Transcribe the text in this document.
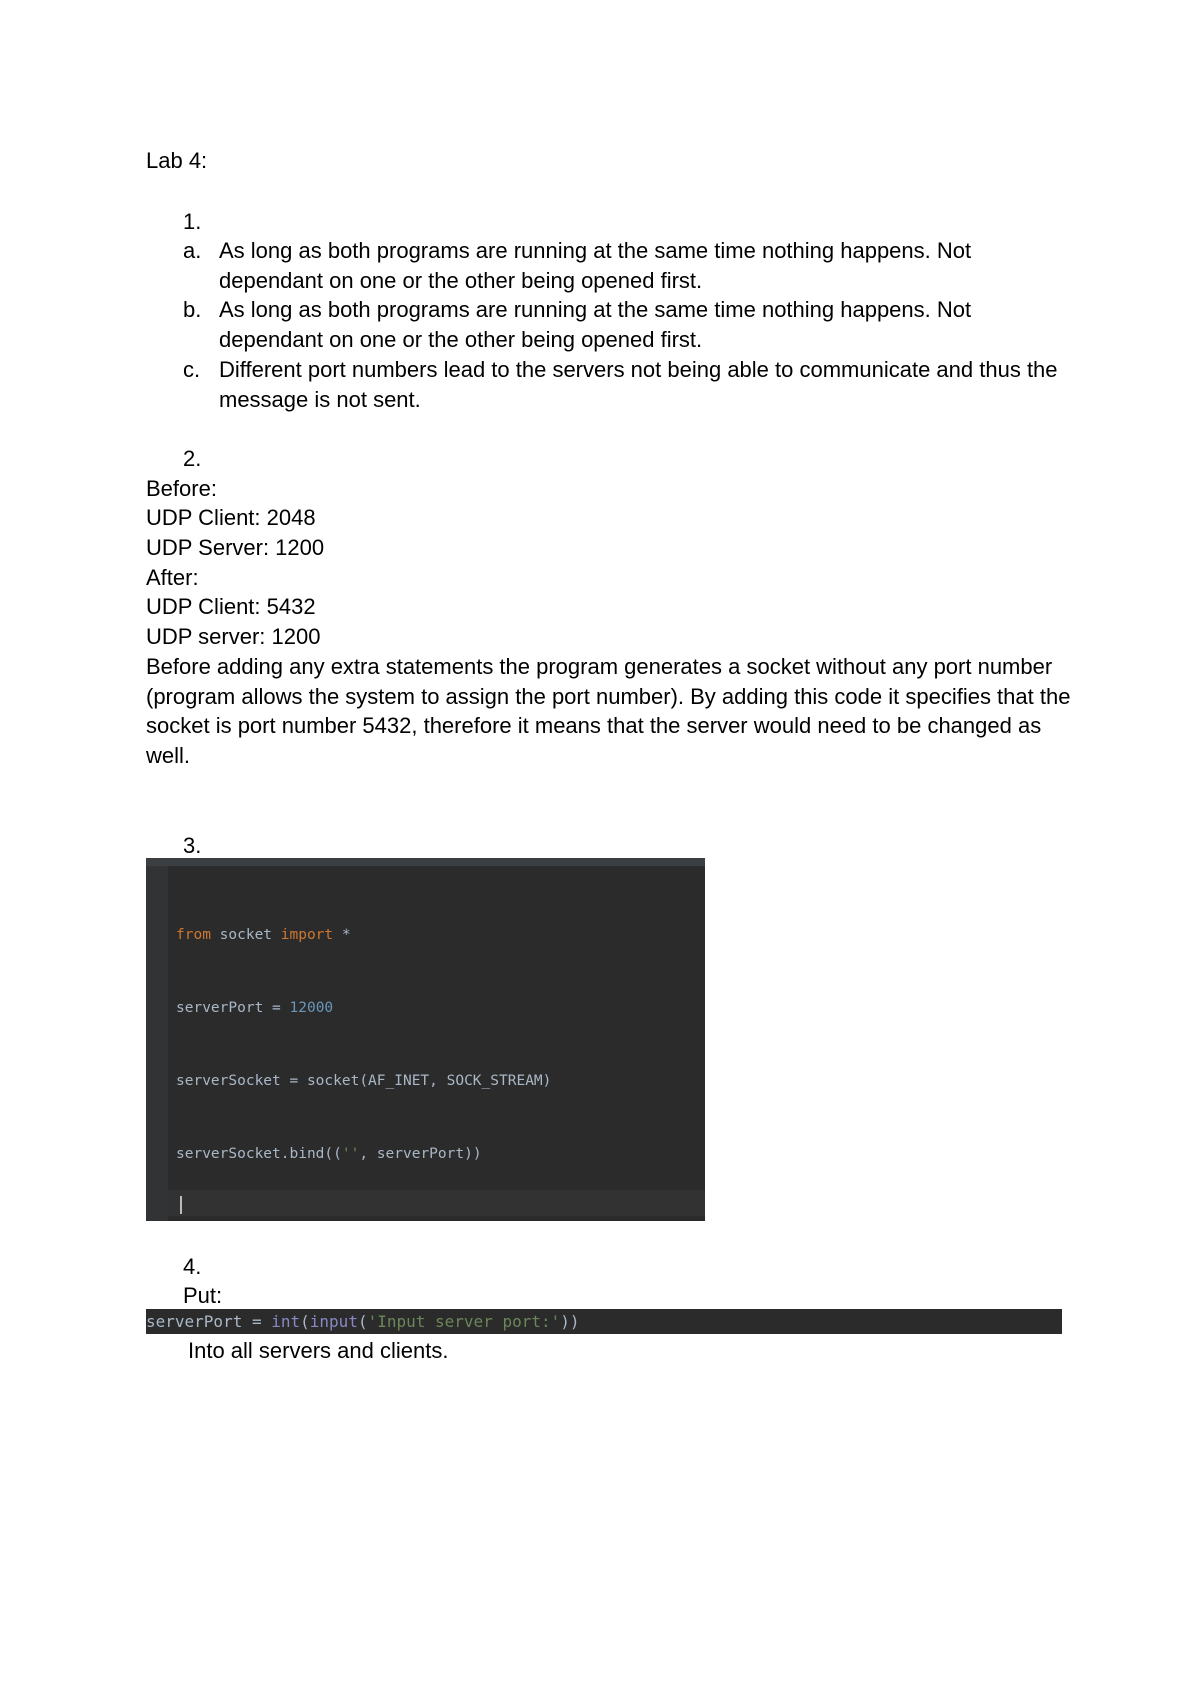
Lab 4:
1.
a. As long as both programs are running at the same time nothing happens. Not dependant on one or the other being opened first.
b. As long as both programs are running at the same time nothing happens. Not dependant on one or the other being opened first.
c. Different port numbers lead to the servers not being able to communicate and thus the message is not sent.
2.
Before:
UDP Client: 2048
UDP Server: 1200
After:
UDP Client: 5432
UDP server: 1200
Before adding any extra statements the program generates a socket without any port number (program allows the system to assign the port number). By adding this code it specifies that the socket is port number 5432, therefore it means that the server would need to be changed as well.
3.

from socket import *

serverPort = 12000

serverSocket = socket(AF_INET, SOCK_STREAM)

serverSocket.bind(('', serverPort))

4.
Put:
serverPort = int(input('Input server port:'))
Into all servers and clients.
